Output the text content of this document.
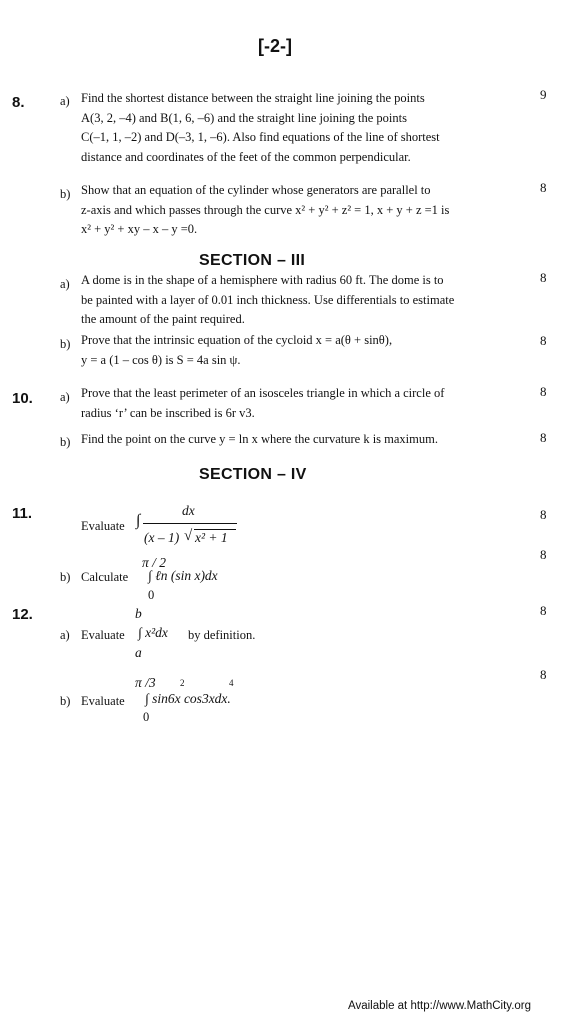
[-2-]
8.	a) Find the shortest distance between the straight line joining the points
A(3, 2, –4) and B(1, 6, –6) and the straight line joining the points
C(–1, 1, –2) and D(–3, 1, –6). Also find equations of the line of shortest
distance and coordinates of the feet of the common perpendicular.
9
b) Show that an equation of the cylinder whose generators are parallel to
z-axis and which passes through the curve x² + y² + z² = 1, x + y + z =1 is
x² + y² + xy – x – y =0.
8
SECTION – III
a) A dome is in the shape of a hemisphere with radius 60 ft. The dome is to
be painted with a layer of 0.01 inch thickness. Use differentials to estimate
the amount of the paint required.
8
b) Prove that the intrinsic equation of the cycloid x = a(θ + sinθ),
y = a (1 – cos θ) is S = 4a sin ψ.
8
10. a) Prove that the least perimeter of an isosceles triangle in which a circle of
radius ‘r’ can be inscribed is 6r v3.
8
b) Find the point on the curve y = ln x where the curvature k is maximum.	8
SECTION – IV
11.
Evaluate ∫
dx
(x – 1) √ x² + 1
8
π / 2
b) Calculate ∫ ℓn (sin x)dx
0
8
12.	b
a) Evaluate ∫ x²dx by definition.
a
8
π /3	2	4
8
b) Evaluate ∫ sin6x cos3xdx.
0
Available at http://www.MathCity.org
